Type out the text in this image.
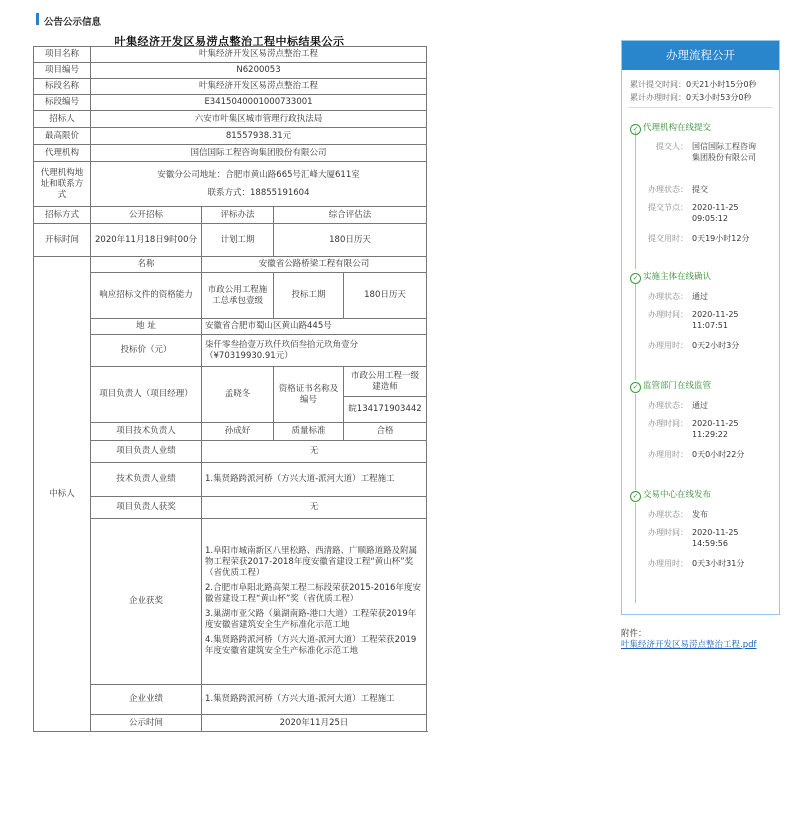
公告公示信息
叶集经济开发区易涝点整治工程中标结果公示
项目名称	叶集经济开发区易涝点整治工程			
项目编号	N6200053			
标段名称	叶集经济开发区易涝点整治工程			
标段编号	E3415040001000733001			
招标人	六安市叶集区城市管理行政执法局			
最高限价	81557938.31元			
代理机构	国信国际工程咨询集团股份有限公司			
代理机构地址和联系方式	安徽分公司地址：合肥市黄山路665号汇峰大厦611室
联系方式：18855191604			

招标方式	公开招标	评标办法	综合评估法	
开标时间	2020年11月18日9时00分	计划工期	180日历天	
中标人	名称	安徽省公路桥梁工程有限公司		
	响应招标文件的资格能力	市政公用工程施工总承包壹级	投标工期	180日历天
	地 址	安徽省合肥市蜀山区黄山路445号		
	投标价（元）	柒仟零叁拾壹万玖仟玖佰叁拾元玖角壹分
（¥70319930.91元）		

	项目负责人（项目经理）	孟晓冬	资格证书名称及编号	市政公用工程一级建造师
				皖134171903442
	项目技术负责人	孙成好	质量标准	合格
	项目负责人业绩	无		
	技术负责人业绩	1.集贤路跨派河桥（方兴大道-派河大道）工程施工		
	项目负责人获奖	无		
	企业获奖	1.阜阳市城南新区八里松路、西清路、广顺路道路及附属物工程荣获2017-2018年度安徽省建设工程“黄山杯”奖（省优质工程）
2.合肥市阜阳北路高架工程二标段荣获2015-2016年度安徽省建设工程“黄山杯”奖（省优质工程）
3.巢湖市亚父路（巢湖南路-港口大道）工程荣获2019年度安徽省建筑安全生产标准化示范工地
4.集贤路跨派河桥（方兴大道-派河大道）工程荣获2019年度安徽省建筑安全生产标准化示范工地		

	企业业绩	1.集贤路跨派河桥（方兴大道-派河大道）工程施工		
	公示时间	2020年11月25日		
办理流程公开
累计提交时间：0天21小时15分0秒
累计办理时间：0天3小时53分0秒
✓ 代理机构在线提交
提交人： 国信国际工程咨询集团股份有限公司
办理状态： 提交
提交节点： 2020-11-25
09:05:12
提交用时： 0天19小时12分
✓ 实施主体在线确认
办理状态： 通过
办理时间： 2020-11-25
11:07:51
办理用时： 0天2小时3分
✓ 监管部门在线监管
办理状态： 通过
办理时间： 2020-11-25
11:29:22
办理用时： 0天0小时22分
✓ 交易中心在线发布
办理状态： 发布
办理时间： 2020-11-25
14:59:56
办理用时： 0天3小时31分
附件：
叶集经济开发区易涝点整治工程.pdf
